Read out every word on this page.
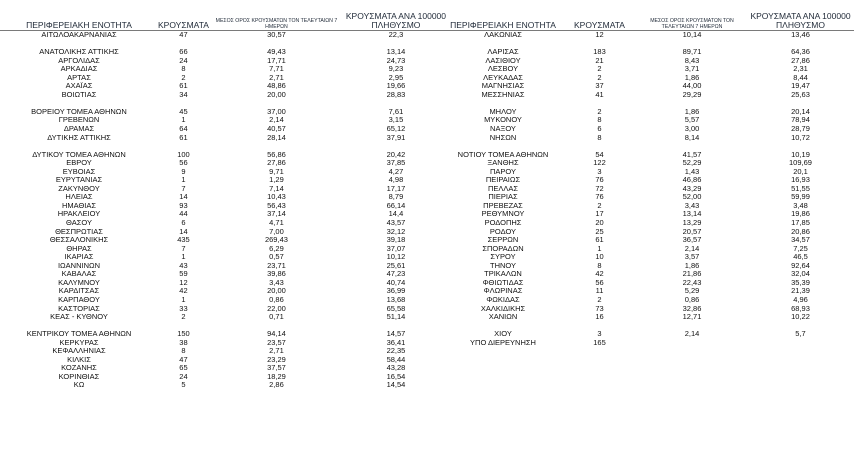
ΠΕΡΙΦΕΡΕΙΑΚΗ ΕΝΟΤΗΤΑ	ΚΡΟΥΣΜΑΤΑ	ΜΕΣΟΣ ΟΡΟΣ ΚΡΟΥΣΜΑΤΩΝ ΤΟΝ ΤΕΛΕΥΤΑΙΩΝ 7 ΗΜΕΡΩΝ	ΚΡΟΥΣΜΑΤΑ ΑΝΑ 100000 ΠΛΗΘΥΣΜΟ
ΑΙΤΩΛΟΑΚΑΡΝΑΝΙΑΣ	47	30,57	22,3

ΑΝΑΤΟΛΙΚΗΣ ΑΤΤΙΚΗΣ	66	49,43	13,14
ΑΡΓΟΛΙΔΑΣ	24	17,71	24,73
ΑΡΚΑΔΙΑΣ	8	7,71	9,23
ΑΡΤΑΣ	2	2,71	2,95
ΑΧΑΪΑΣ	61	48,86	19,66
ΒΟΙΩΤΙΑΣ	34	20,00	28,83

ΒΟΡΕΙΟΥ ΤΟΜΕΑ ΑΘΗΝΩΝ	45	37,00	7,61
ΓΡΕΒΕΝΩΝ	1	2,14	3,15
ΔΡΑΜΑΣ	64	40,57	65,12
ΔΥΤΙΚΗΣ ΑΤΤΙΚΗΣ	61	28,14	37,91

ΔΥΤΙΚΟΥ ΤΟΜΕΑ ΑΘΗΝΩΝ	100	56,86	20,42
ΕΒΡΟΥ	56	27,86	37,85
ΕΥΒΟΙΑΣ	9	9,71	4,27
ΕΥΡΥΤΑΝΙΑΣ	1	1,29	4,98
ΖΑΚΥΝΘΟΥ	7	7,14	17,17
ΗΛΕΙΑΣ	14	10,43	8,79
ΗΜΑΘΙΑΣ	93	56,43	66,14
ΗΡΑΚΛΕΙΟΥ	44	37,14	14,4
ΘΑΣΟΥ	6	4,71	43,57
ΘΕΣΠΡΩΤΙΑΣ	14	7,00	32,12
ΘΕΣΣΑΛΟΝΙΚΗΣ	435	269,43	39,18
ΘΗΡΑΣ	7	6,29	37,07
ΙΚΑΡΙΑΣ	1	0,57	10,12
ΙΩΑΝΝΙΝΩΝ	43	23,71	25,61
ΚΑΒΑΛΑΣ	59	39,86	47,23
ΚΑΛΥΜΝΟΥ	12	3,43	40,74
ΚΑΡΔΙΤΣΑΣ	42	20,00	36,99
ΚΑΡΠΑΘΟΥ	1	0,86	13,68
ΚΑΣΤΟΡΙΑΣ	33	22,00	65,58
ΚΕΑΣ - ΚΥΘΝΟΥ	2	0,71	51,14

ΚΕΝΤΡΙΚΟΥ ΤΟΜΕΑ ΑΘΗΝΩΝ	150	94,14	14,57
ΚΕΡΚΥΡΑΣ	38	23,57	36,41
ΚΕΦΑΛΛΗΝΙΑΣ	8	2,71	22,35
ΚΙΛΚΙΣ	47	23,29	58,44
ΚΟΖΑΝΗΣ	65	37,57	43,28
ΚΟΡΙΝΘΙΑΣ	24	18,29	16,54
ΚΩ	5	2,86	14,54
ΠΕΡΙΦΕΡΕΙΑΚΗ ΕΝΟΤΗΤΑ	ΚΡΟΥΣΜΑΤΑ	ΜΕΣΟΣ ΟΡΟΣ ΚΡΟΥΣΜΑΤΩΝ ΤΟΝ ΤΕΛΕΥΤΑΙΩΝ 7 ΗΜΕΡΩΝ	ΚΡΟΥΣΜΑΤΑ ΑΝΑ 100000 ΠΛΗΘΥΣΜΟ
ΛΑΚΩΝΙΑΣ	12	10,14	13,46

ΛΑΡΙΣΑΣ	183	89,71	64,36
ΛΑΣΙΘΙΟΥ	21	8,43	27,86
ΛΕΣΒΟΥ	2	3,71	2,31
ΛΕΥΚΑΔΑΣ	2	1,86	8,44
ΜΑΓΝΗΣΙΑΣ	37	44,00	19,47
ΜΕΣΣΗΝΙΑΣ	41	29,29	25,63

ΜΗΛΟΥ	2	1,86	20,14
ΜΥΚΟΝΟΥ	8	5,57	78,94
ΝΑΞΟΥ	6	3,00	28,79
ΝΗΣΩΝ	8	8,14	10,72

ΝΟΤΙΟΥ ΤΟΜΕΑ ΑΘΗΝΩΝ	54	41,57	10,19
ΞΑΝΘΗΣ	122	52,29	109,69
ΠΑΡΟΥ	3	1,43	20,1
ΠΕΙΡΑΙΩΣ	76	46,86	16,93
ΠΕΛΛΑΣ	72	43,29	51,55
ΠΙΕΡΙΑΣ	76	52,00	59,99
ΠΡΕΒΕΖΑΣ	2	3,43	3,48
ΡΕΘΥΜΝΟΥ	17	13,14	19,86
ΡΟΔΟΠΗΣ	20	13,29	17,85
ΡΟΔΟΥ	25	20,57	20,86
ΣΕΡΡΩΝ	61	36,57	34,57
ΣΠΟΡΑΔΩΝ	1	2,14	7,25
ΣΥΡΟΥ	10	3,57	46,5
ΤΗΝΟΥ	8	1,86	92,64
ΤΡΙΚΑΛΩΝ	42	21,86	32,04
ΦΘΙΩΤΙΔΑΣ	56	22,43	35,39
ΦΛΩΡΙΝΑΣ	11	5,29	21,39
ΦΩΚΙΔΑΣ	2	0,86	4,96
ΧΑΛΚΙΔΙΚΗΣ	73	32,86	68,93
ΧΑΝΙΩΝ	16	12,71	10,22

ΧΙΟΥ	3	2,14	5,7
ΥΠΟ ΔΙΕΡΕΥΝΗΣΗ	165		
